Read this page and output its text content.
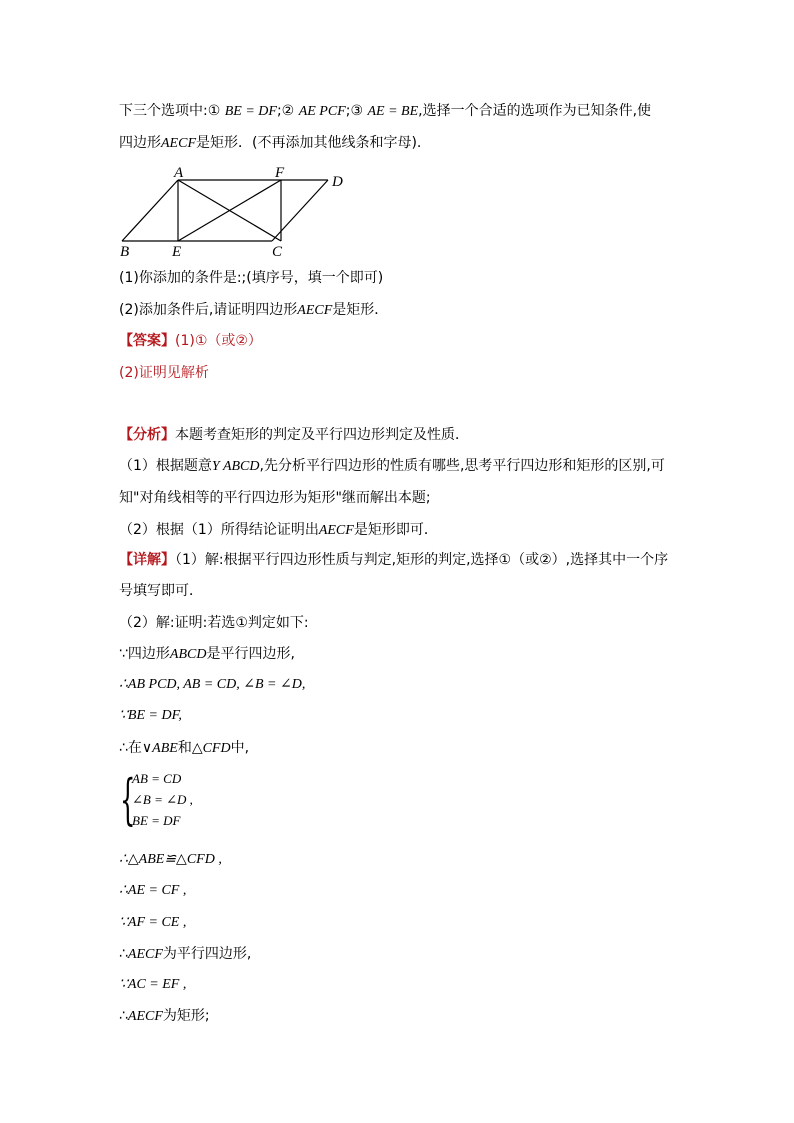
下三个选项中:① BE = DF;② AE PCF;③ AE = BE,选择一个合适的选项作为已知条件,使
四边形AECF是矩形．(不再添加其他线条和字母).
A	F
D
B	E	C
(1)你添加的条件是:;(填序号，填一个即可)
(2)添加条件后,请证明四边形AECF是矩形．
【答案】(1)①（或②）
(2)证明见解析
【分析】本题考查矩形的判定及平行四边形判定及性质．
（1）根据题意Y ABCD,先分析平行四边形的性质有哪些,思考平行四边形和矩形的区别,可
知"对角线相等的平行四边形为矩形"继而解出本题;
（2）根据（1）所得结论证明出AECF是矩形即可．
【详解】（1）解:根据平行四边形性质与判定,矩形的判定,选择①（或②）,选择其中一个序
号填写即可．
（2）解:证明:若选①判定如下:
∵四边形ABCD是平行四边形,
∴AB PCD, AB = CD, ∠B = ∠D,
∵BE = DF,
∴在∨ABE和△CFD中,
{
AB = CD
∠B = ∠D ,
BE = DF
∴△ABE≌△CFD ,
∴AE = CF ,
∵AF = CE ,
∴AECF为平行四边形,
∵AC = EF ,
∴AECF为矩形;
